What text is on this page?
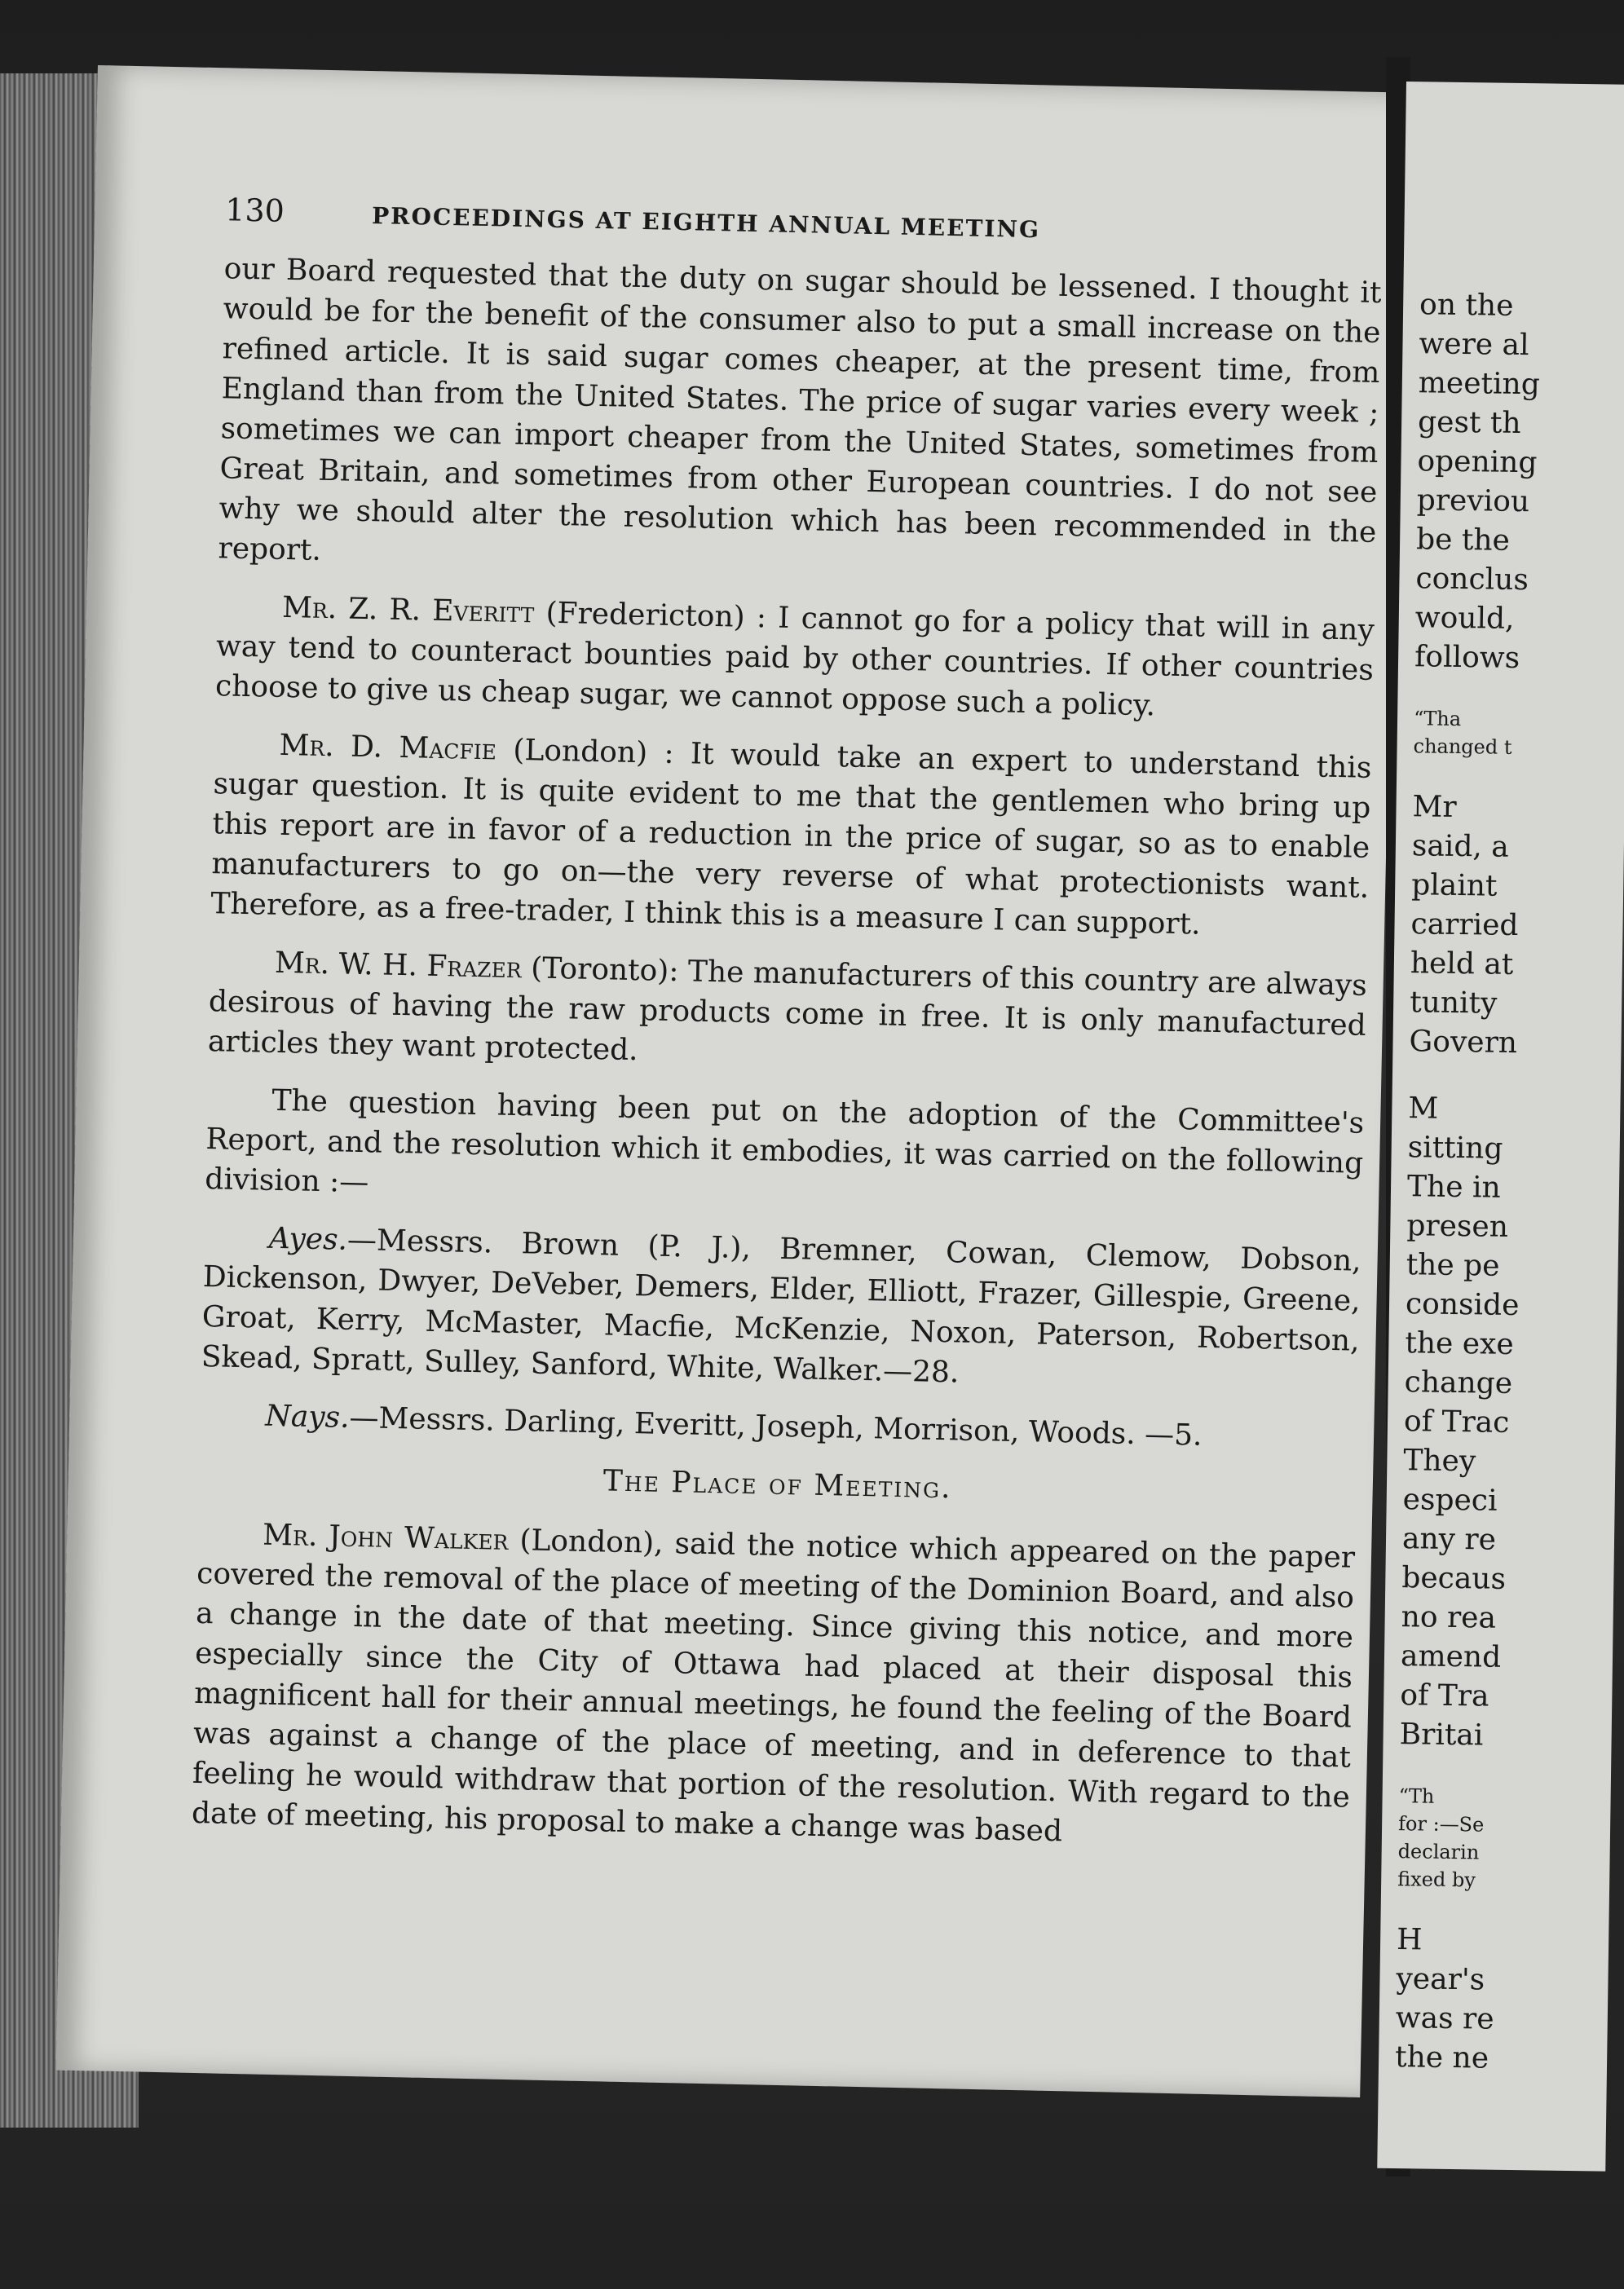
130	PROCEEDINGS AT EIGHTH ANNUAL MEETING

our Board requested that the duty on sugar should be lessened. I thought it would be for the benefit of the consumer also to put a small increase on the refined article. It is said sugar comes cheaper, at the present time, from England than from the United States. The price of sugar varies every week ; sometimes we can import cheaper from the United States, sometimes from Great Britain, and sometimes from other European countries. I do not see why we should alter the resolution which has been recommended in the report.

Mr. Z. R. Everitt (Fredericton) : I cannot go for a policy that will in any way tend to counteract bounties paid by other countries. If other countries choose to give us cheap sugar, we cannot oppose such a policy.

Mr. D. Macfie (London) : It would take an expert to understand this sugar question. It is quite evident to me that the gentlemen who bring up this report are in favor of a reduction in the price of sugar, so as to enable manufacturers to go on—the very reverse of what protectionists want. Therefore, as a free-trader, I think this is a measure I can support.

Mr. W. H. Frazer (Toronto): The manufacturers of this country are always desirous of having the raw products come in free. It is only manufactured articles they want protected.

The question having been put on the adoption of the Committee's Report, and the resolution which it embodies, it was carried on the following division :—

Ayes.—Messrs. Brown (P. J.), Bremner, Cowan, Clemow, Dobson, Dickenson, Dwyer, DeVeber, Demers, Elder, Elliott, Frazer, Gillespie, Greene, Groat, Kerry, McMaster, Macfie, McKenzie, Noxon, Paterson, Robertson, Skead, Spratt, Sulley, Sanford, White, Walker.—28.

Nays.—Messrs. Darling, Everitt, Joseph, Morrison, Woods. —5.

The Place of Meeting.

Mr. John Walker (London), said the notice which appeared on the paper covered the removal of the place of meeting of the Dominion Board, and also a change in the date of that meeting. Since giving this notice, and more especially since the City of Ottawa had placed at their disposal this magnificent hall for their annual meetings, he found the feeling of the Board was against a change of the place of meeting, and in deference to that feeling he would withdraw that portion of the resolution. With regard to the date of meeting, his proposal to make a change was based

on the
were al
meeting
gest th
opening
previou
be the
conclus
would,
follows
“Tha
changed t
Mr
said, a
plaint
carried
held at
tunity
Govern
M
sitting
The in
presen
the pe
conside
the exe
change
of Trac
They
especi
any re
becaus
no rea
amend
of Tra
Britai
“Th
for :—Se
declarin
fixed by
H
year's
was re
the ne
